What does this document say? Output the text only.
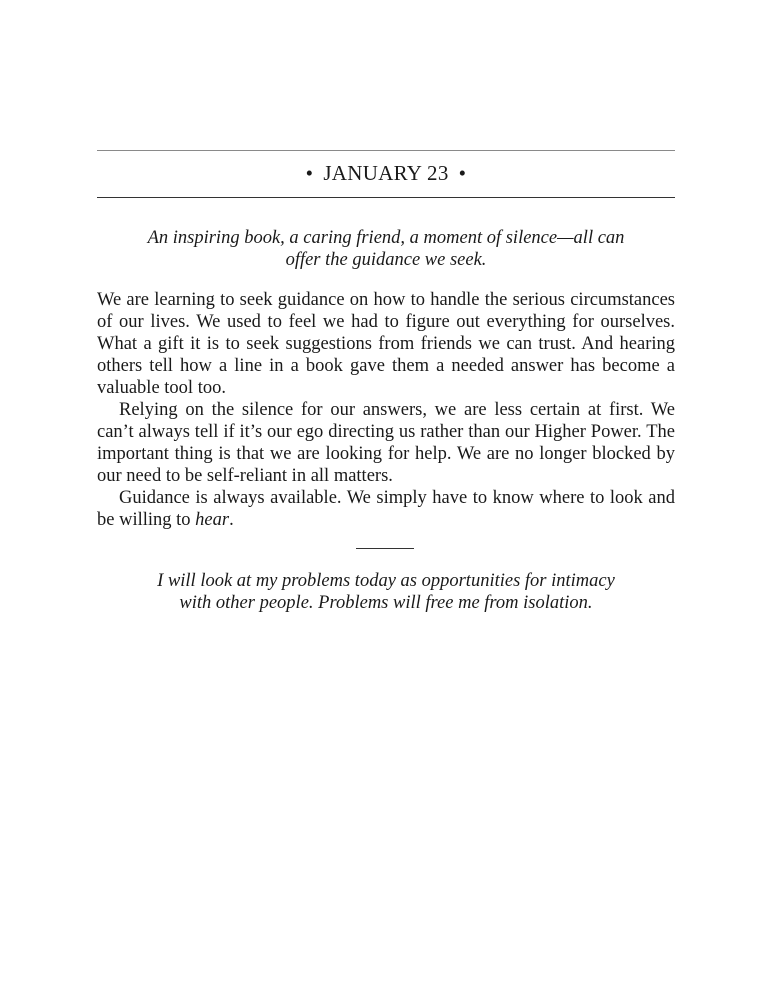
• JANUARY 23 •
An inspiring book, a caring friend, a moment of silence—all can
offer the guidance we seek.

We are learning to seek guidance on how to handle the serious circumstances of our lives. We used to feel we had to figure out everything for ourselves. What a gift it is to seek suggestions from friends we can trust. And hearing others tell how a line in a book gave them a needed answer has become a valuable tool too.

Relying on the silence for our answers, we are less certain at first. We can’t always tell if it’s our ego directing us rather than our Higher Power. The important thing is that we are looking for help. We are no longer blocked by our need to be self-reliant in all matters.

Guidance is always available. We simply have to know where to look and be willing to hear.

I will look at my problems today as opportunities for intimacy
with other people. Problems will free me from isolation.
